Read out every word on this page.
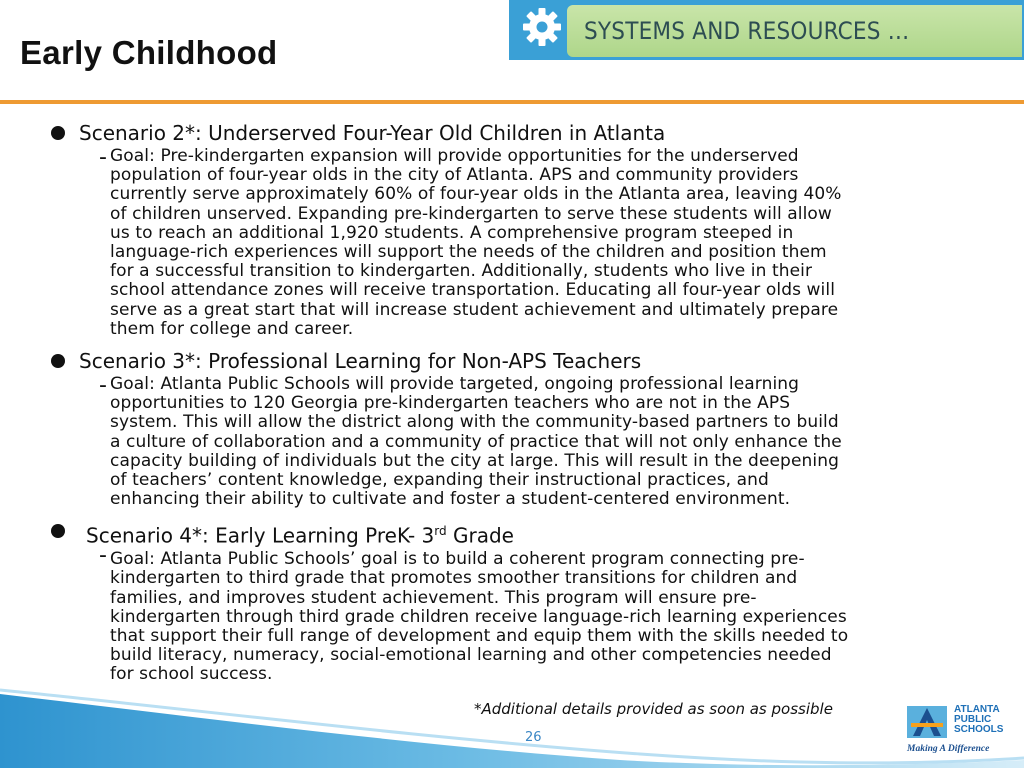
Early Childhood
SYSTEMS AND RESOURCES …
Scenario 2*: Underserved Four-Year Old Children in Atlanta
- Goal: Pre-kindergarten expansion will provide opportunities for the underserved
population of four-year olds in the city of Atlanta. APS and community providers
currently serve approximately 60% of four-year olds in the Atlanta area, leaving 40%
of children unserved. Expanding pre-kindergarten to serve these students will allow
us to reach an additional 1,920 students. A comprehensive program steeped in
language-rich experiences will support the needs of the children and position them
for a successful transition to kindergarten. Additionally, students who live in their
school attendance zones will receive transportation. Educating all four-year olds will
serve as a great start that will increase student achievement and ultimately prepare
them for college and career.
Scenario 3*: Professional Learning for Non-APS Teachers
- Goal: Atlanta Public Schools will provide targeted, ongoing professional learning
opportunities to 120 Georgia pre-kindergarten teachers who are not in the APS
system. This will allow the district along with the community-based partners to build
a culture of collaboration and a community of practice that will not only enhance the
capacity building of individuals but the city at large. This will result in the deepening
of teachers’ content knowledge, expanding their instructional practices, and
enhancing their ability to cultivate and foster a student-centered environment.
Scenario 4*: Early Learning PreK- 3rd Grade
- Goal: Atlanta Public Schools’ goal is to build a coherent program connecting pre-
kindergarten to third grade that promotes smoother transitions for children and
families, and improves student achievement. This program will ensure pre-
kindergarten through third grade children receive language-rich learning experiences
that support their full range of development and equip them with the skills needed to
build literacy, numeracy, social-emotional learning and other competencies needed
for school success.
*Additional details provided as soon as possible
26
ATLANTA
PUBLIC
SCHOOLS
Making A Difference
